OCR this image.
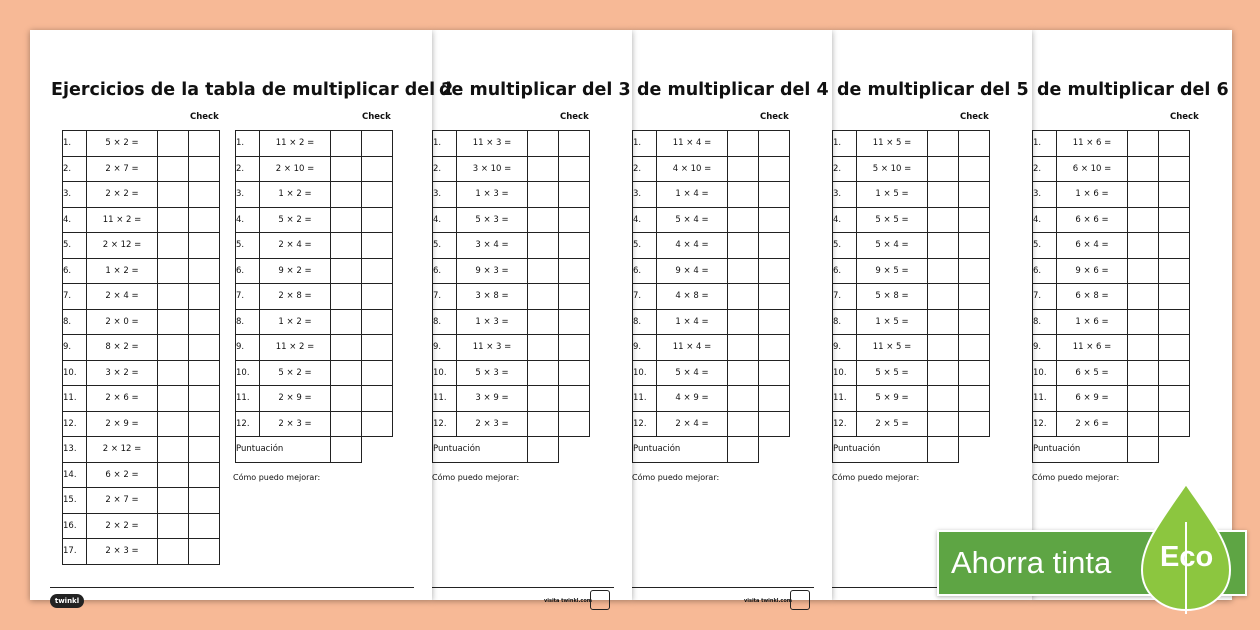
de multiplicar del 6
Check
1.	11 × 6 =		
2.	6 × 10 =		
3.	1 × 6 =		
4.	6 × 6 =		
5.	6 × 4 =		
6.	9 × 6 =		
7.	6 × 8 =		
8.	1 × 6 =		
9.	11 × 6 =		
10.	6 × 5 =		
11.	6 × 9 =		
12.	2 × 6 =		
Puntuación			
Cómo puedo mejorar:
de multiplicar del 5
Check
1.	11 × 5 =		
2.	5 × 10 =		
3.	1 × 5 =		
4.	5 × 5 =		
5.	5 × 4 =		
6.	9 × 5 =		
7.	5 × 8 =		
8.	1 × 5 =		
9.	11 × 5 =		
10.	5 × 5 =		
11.	5 × 9 =		
12.	2 × 5 =		
Puntuación			
Cómo puedo mejorar:
de multiplicar del 4
Check
1.	11 × 4 =		
2.	4 × 10 =		
3.	1 × 4 =		
4.	5 × 4 =		
5.	4 × 4 =		
6.	9 × 4 =		
7.	4 × 8 =		
8.	1 × 4 =		
9.	11 × 4 =		
10.	5 × 4 =		
11.	4 × 9 =		
12.	2 × 4 =		
Puntuación			
Cómo puedo mejorar:
visita twinkl.com
de multiplicar del 3
Check
1.	11 × 3 =		
2.	3 × 10 =		
3.	1 × 3 =		
4.	5 × 3 =		
5.	3 × 4 =		
6.	9 × 3 =		
7.	3 × 8 =		
8.	1 × 3 =		
9.	11 × 3 =		
10.	5 × 3 =		
11.	3 × 9 =		
12.	2 × 3 =		
Puntuación			
Cómo puedo mejorar:
visita twinkl.com
Ejercicios de la tabla de multiplicar del 2
Check	Check
1.	5 × 2 =		
2.	2 × 7 =		
3.	2 × 2 =		
4.	11 × 2 =		
5.	2 × 12 =		
6.	1 × 2 =		
7.	2 × 4 =		
8.	2 × 0 =		
9.	8 × 2 =		
10.	3 × 2 =		
11.	2 × 6 =		
12.	2 × 9 =		
13.	2 × 12 =		
14.	6 × 2 =		
15.	2 × 7 =		
16.	2 × 2 =		
17.	2 × 3 =		
1.	11 × 2 =		
2.	2 × 10 =		
3.	1 × 2 =		
4.	5 × 2 =		
5.	2 × 4 =		
6.	9 × 2 =		
7.	2 × 8 =		
8.	1 × 2 =		
9.	11 × 2 =		
10.	5 × 2 =		
11.	2 × 9 =		
12.	2 × 3 =		
Puntuación			
Cómo puedo mejorar:
twinkl
Ahorra tinta Eco
